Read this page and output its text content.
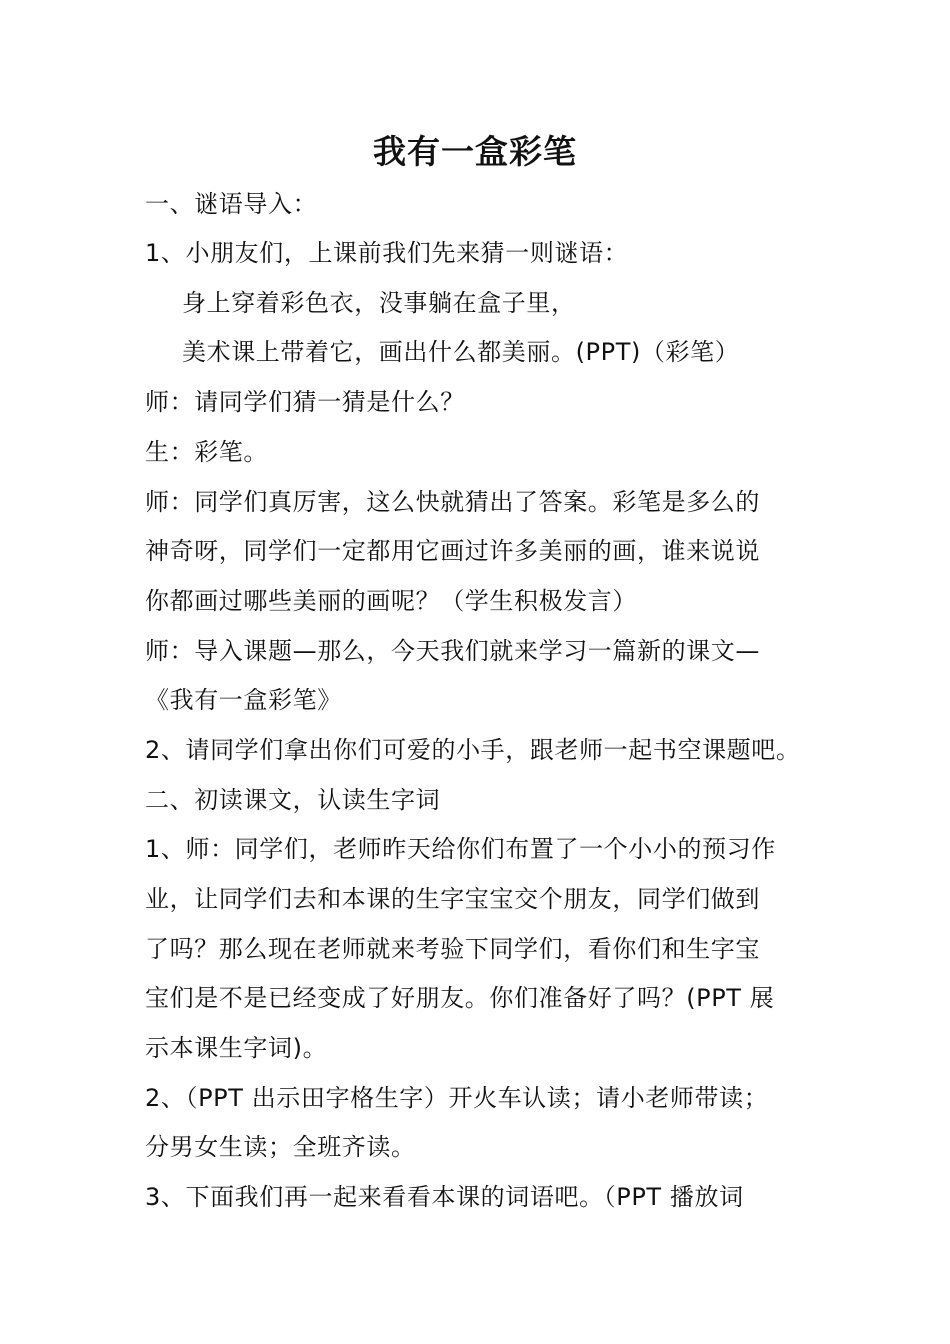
我有一盒彩笔
一、谜语导入：
1、小朋友们，上课前我们先来猜一则谜语：
身上穿着彩色衣，没事躺在盒子里，
美术课上带着它，画出什么都美丽。(PPT)（彩笔）
师：请同学们猜一猜是什么？
生：彩笔。
师：同学们真厉害，这么快就猜出了答案。彩笔是多么的
神奇呀，同学们一定都用它画过许多美丽的画，谁来说说
你都画过哪些美丽的画呢？（学生积极发言）
师：导入课题—那么，今天我们就来学习一篇新的课文—
《我有一盒彩笔》
2、请同学们拿出你们可爱的小手，跟老师一起书空课题吧。
二、初读课文，认读生字词
1、师：同学们，老师昨天给你们布置了一个小小的预习作
业，让同学们去和本课的生字宝宝交个朋友，同学们做到
了吗？那么现在老师就来考验下同学们，看你们和生字宝
宝们是不是已经变成了好朋友。你们准备好了吗？(PPT 展
示本课生字词)。
2、（PPT 出示田字格生字）开火车认读；请小老师带读；
分男女生读；全班齐读。
3、下面我们再一起来看看本课的词语吧。（PPT 播放词
